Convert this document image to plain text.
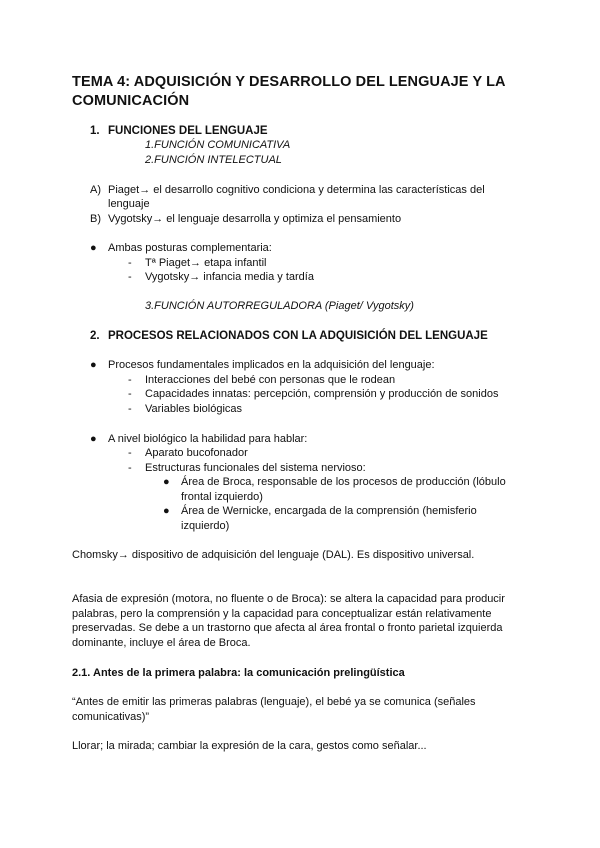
TEMA 4: ADQUISICIÓN Y DESARROLLO DEL LENGUAJE Y LA
COMUNICACIÓN
1. FUNCIONES DEL LENGUAJE
1.FUNCIÓN COMUNICATIVA
2.FUNCIÓN INTELECTUAL
A) Piaget→ el desarrollo cognitivo condiciona y determina las características del
lenguaje
B) Vygotsky→ el lenguaje desarrolla y optimiza el pensamiento
● Ambas posturas complementaria:
- Tª Piaget→ etapa infantil
- Vygotsky→ infancia media y tardía
3.FUNCIÓN AUTORREGULADORA (Piaget/ Vygotsky)
2. PROCESOS RELACIONADOS CON LA ADQUISICIÓN DEL LENGUAJE
● Procesos fundamentales implicados en la adquisición del lenguaje:
- Interacciones del bebé con personas que le rodean
- Capacidades innatas: percepción, comprensión y producción de sonidos
- Variables biológicas
● A nivel biológico la habilidad para hablar:
- Aparato bucofonador
- Estructuras funcionales del sistema nervioso:
● Área de Broca, responsable de los procesos de producción (lóbulo
frontal izquierdo)
● Área de Wernicke, encargada de la comprensión (hemisferio
izquierdo)
Chomsky→ dispositivo de adquisición del lenguaje (DAL). Es dispositivo universal.
Afasia de expresión (motora, no fluente o de Broca): se altera la capacidad para producir
palabras, pero la comprensión y la capacidad para conceptualizar están relativamente
preservadas. Se debe a un trastorno que afecta al área frontal o fronto parietal izquierda
dominante, incluye el área de Broca.
2.1. Antes de la primera palabra: la comunicación prelingüística
“Antes de emitir las primeras palabras (lenguaje), el bebé ya se comunica (señales
comunicativas)”
Llorar; la mirada; cambiar la expresión de la cara, gestos como señalar...
